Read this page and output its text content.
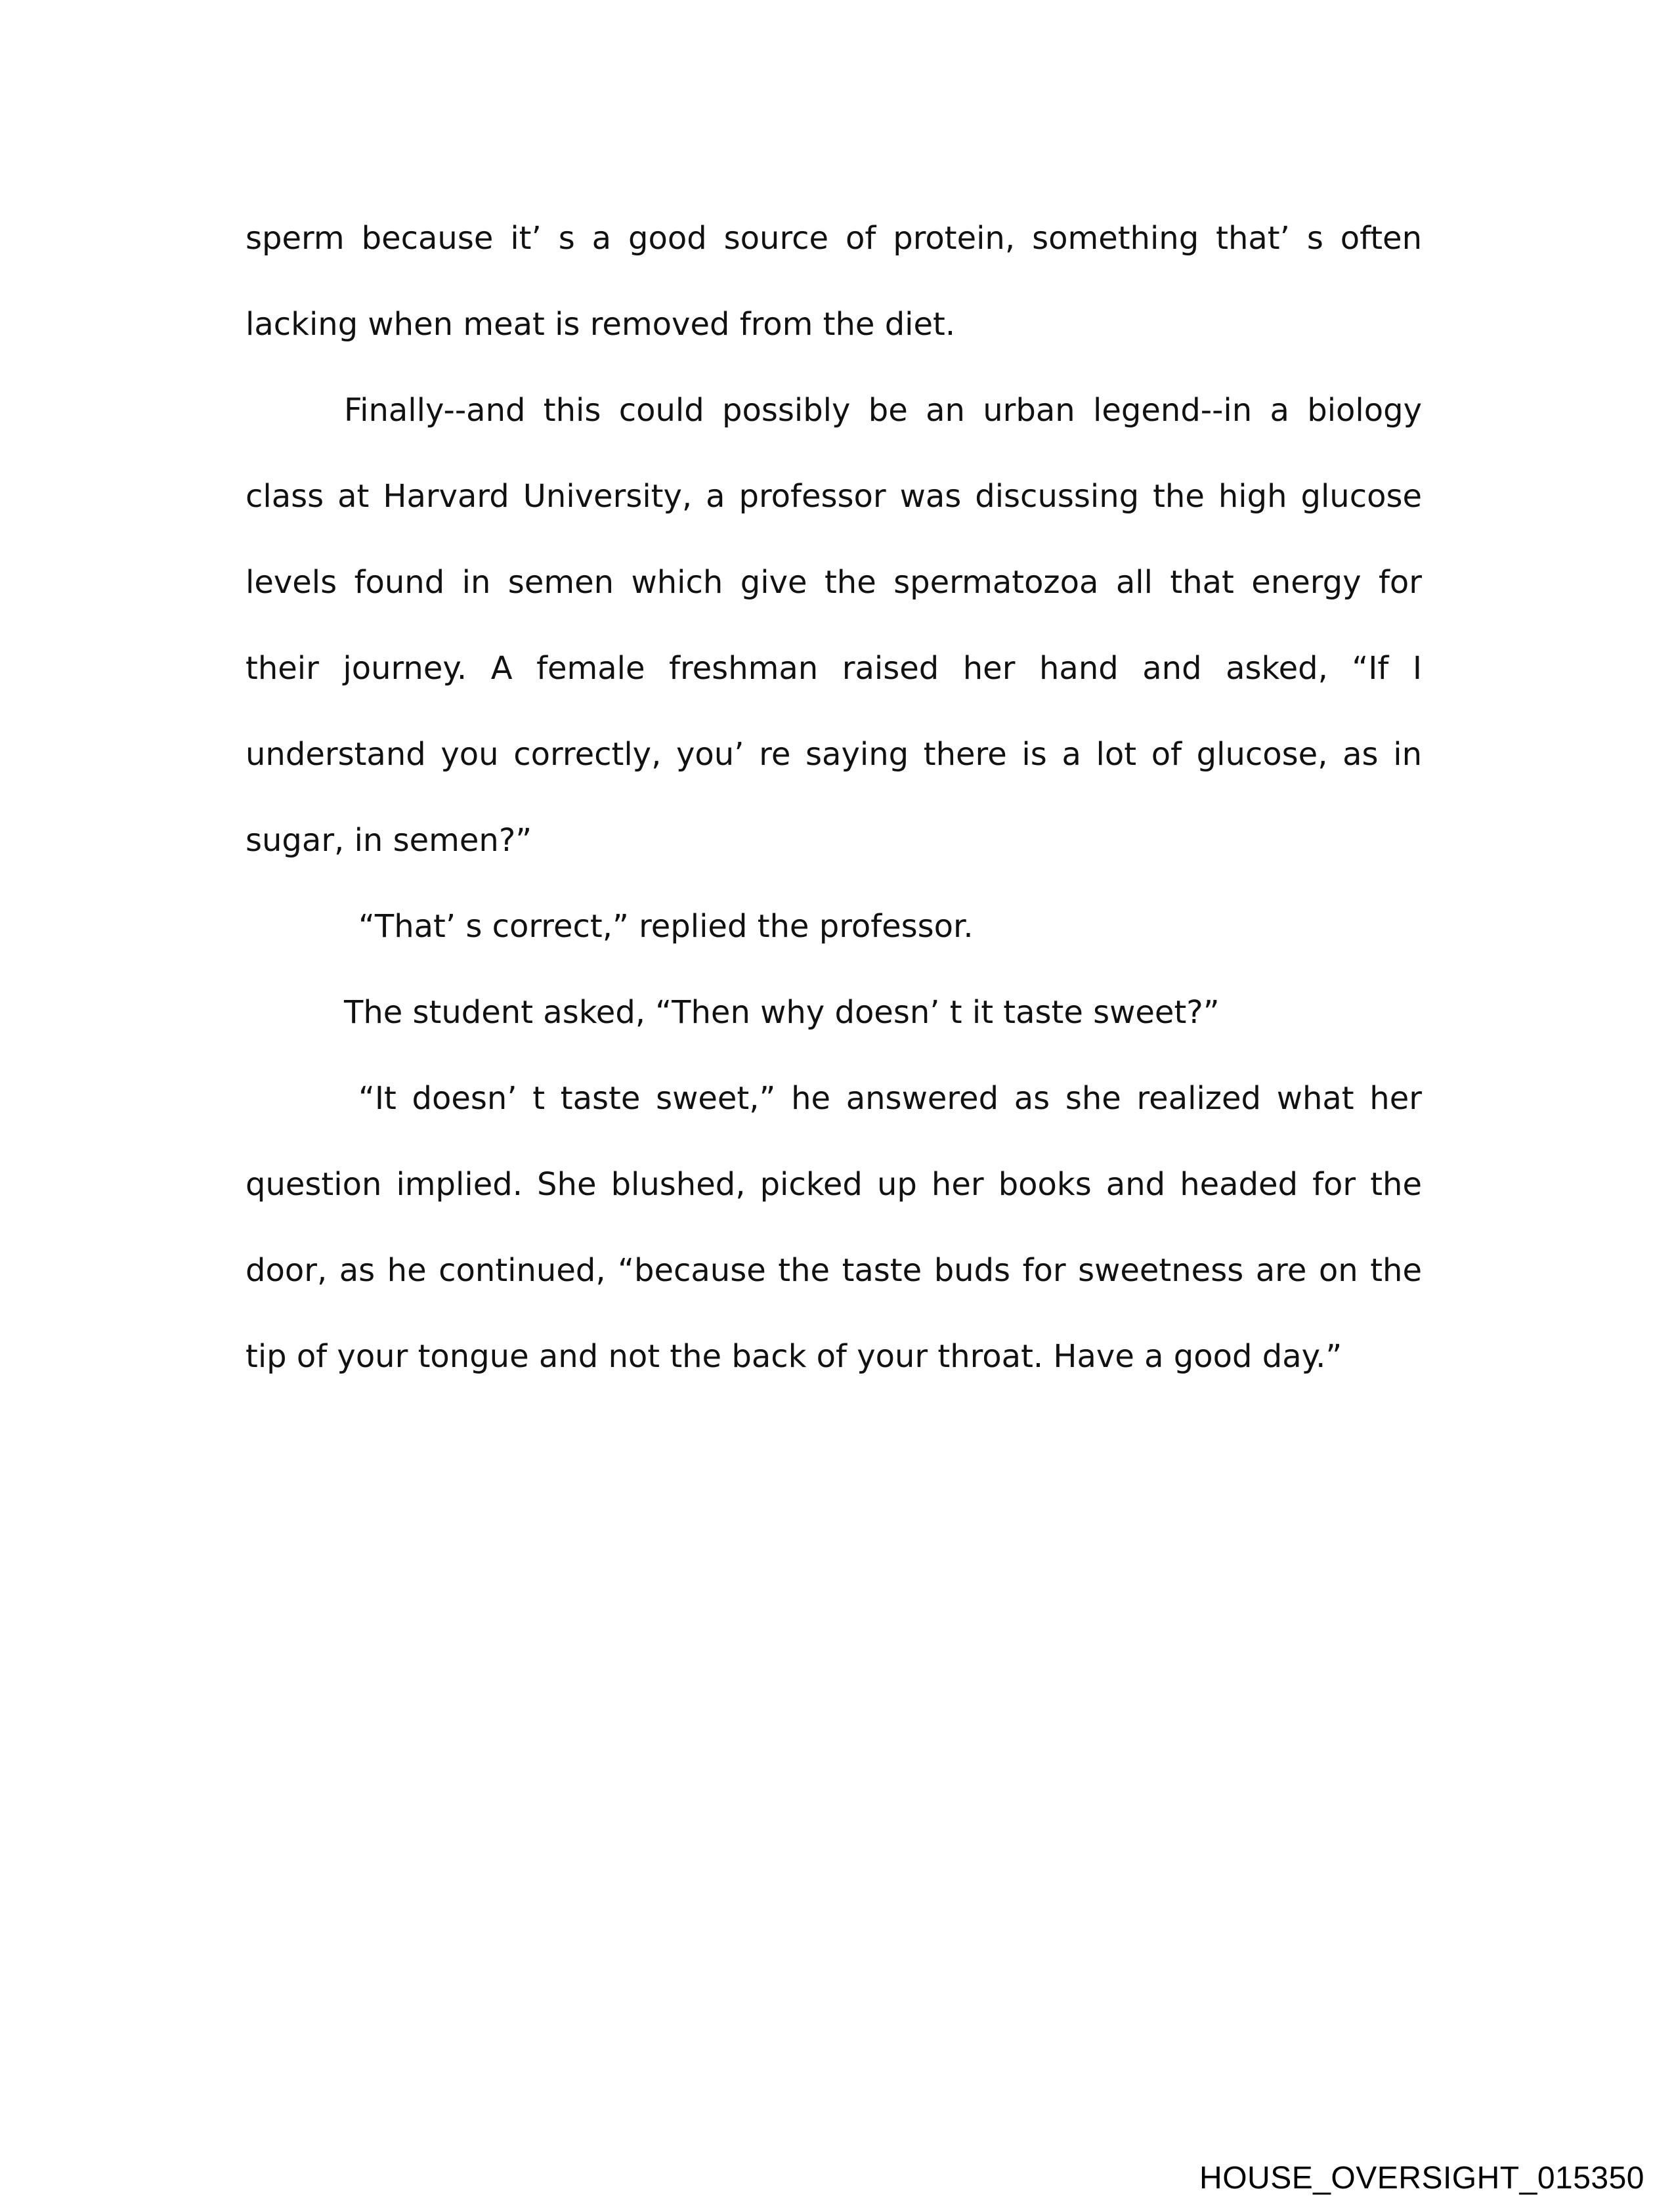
sperm because it’ s a good source of protein, something that’ s often lacking when meat is removed from the diet.

Finally--and this could possibly be an urban legend--in a biology class at Harvard University, a professor was discussing the high glucose levels found in semen which give the spermatozoa all that energy for their journey. A female freshman raised her hand and asked, “If I understand you correctly, you’ re saying there is a lot of glucose, as in sugar, in semen?”

“That’ s correct,” replied the professor.

The student asked, “Then why doesn’ t it taste sweet?”

“It doesn’ t taste sweet,” he answered as she realized what her question implied. She blushed, picked up her books and headed for the door, as he continued, “because the taste buds for sweetness are on the tip of your tongue and not the back of your throat. Have a good day.”

HOUSE_OVERSIGHT_015350
